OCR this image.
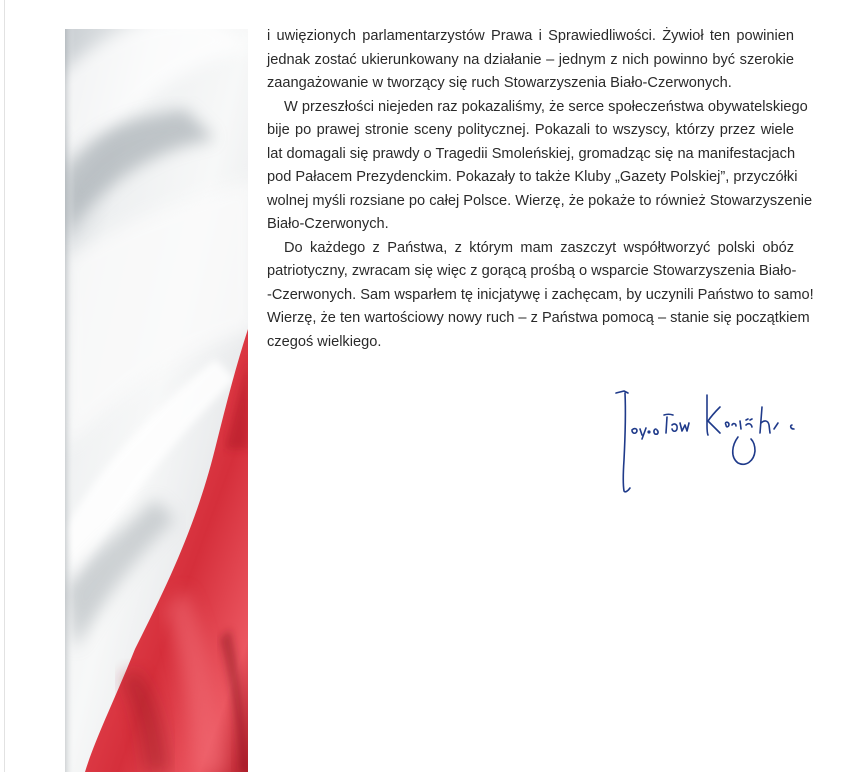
i uwięzionych parlamentarzystów Prawa i Sprawiedliwości. Żywioł ten powinien
jednak zostać ukierunkowany na działanie – jednym z nich powinno być szerokie
zaangażowanie w tworzący się ruch Stowarzyszenia Biało-Czerwonych.
W przeszłości niejeden raz pokazaliśmy, że serce społeczeństwa obywatelskiego
bije po prawej stronie sceny politycznej. Pokazali to wszyscy, którzy przez wiele
lat domagali się prawdy o Tragedii Smoleńskiej, gromadząc się na manifestacjach
pod Pałacem Prezydenckim. Pokazały to także Kluby „Gazety Polskiej”, przyczółki
wolnej myśli rozsiane po całej Polsce. Wierzę, że pokaże to również Stowarzyszenie
Biało-Czerwonych.
Do każdego z Państwa, z którym mam zaszczyt współtworzyć polski obóz
patriotyczny, zwracam się więc z gorącą prośbą o wsparcie Stowarzyszenia Biało-
-Czerwonych. Sam wsparłem tę inicjatywę i zachęcam, by uczynili Państwo to samo!
Wierzę, że ten wartościowy nowy ruch – z Państwa pomocą – stanie się początkiem
czegoś wielkiego.
